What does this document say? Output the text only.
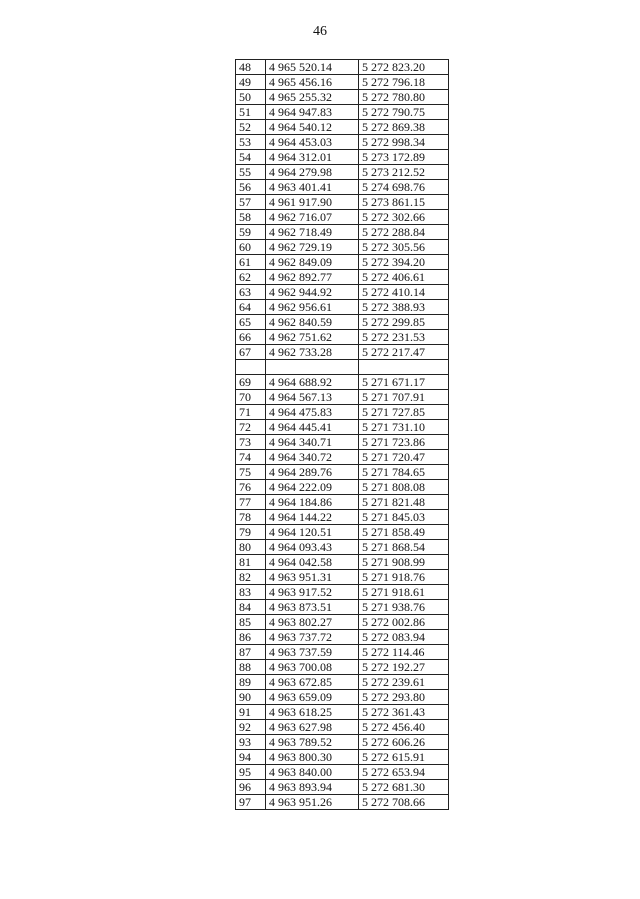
46
48	4 965 520.14	5 272 823.20
49	4 965 456.16	5 272 796.18
50	4 965 255.32	5 272 780.80
51	4 964 947.83	5 272 790.75
52	4 964 540.12	5 272 869.38
53	4 964 453.03	5 272 998.34
54	4 964 312.01	5 273 172.89
55	4 964 279.98	5 273 212.52
56	4 963 401.41	5 274 698.76
57	4 961 917.90	5 273 861.15
58	4 962 716.07	5 272 302.66
59	4 962 718.49	5 272 288.84
60	4 962 729.19	5 272 305.56
61	4 962 849.09	5 272 394.20
62	4 962 892.77	5 272 406.61
63	4 962 944.92	5 272 410.14
64	4 962 956.61	5 272 388.93
65	4 962 840.59	5 272 299.85
66	4 962 751.62	5 272 231.53
67	4 962 733.28	5 272 217.47

69	4 964 688.92	5 271 671.17
70	4 964 567.13	5 271 707.91
71	4 964 475.83	5 271 727.85
72	4 964 445.41	5 271 731.10
73	4 964 340.71	5 271 723.86
74	4 964 340.72	5 271 720.47
75	4 964 289.76	5 271 784.65
76	4 964 222.09	5 271 808.08
77	4 964 184.86	5 271 821.48
78	4 964 144.22	5 271 845.03
79	4 964 120.51	5 271 858.49
80	4 964 093.43	5 271 868.54
81	4 964 042.58	5 271 908.99
82	4 963 951.31	5 271 918.76
83	4 963 917.52	5 271 918.61
84	4 963 873.51	5 271 938.76
85	4 963 802.27	5 272 002.86
86	4 963 737.72	5 272 083.94
87	4 963 737.59	5 272 114.46
88	4 963 700.08	5 272 192.27
89	4 963 672.85	5 272 239.61
90	4 963 659.09	5 272 293.80
91	4 963 618.25	5 272 361.43
92	4 963 627.98	5 272 456.40
93	4 963 789.52	5 272 606.26
94	4 963 800.30	5 272 615.91
95	4 963 840.00	5 272 653.94
96	4 963 893.94	5 272 681.30
97	4 963 951.26	5 272 708.66
